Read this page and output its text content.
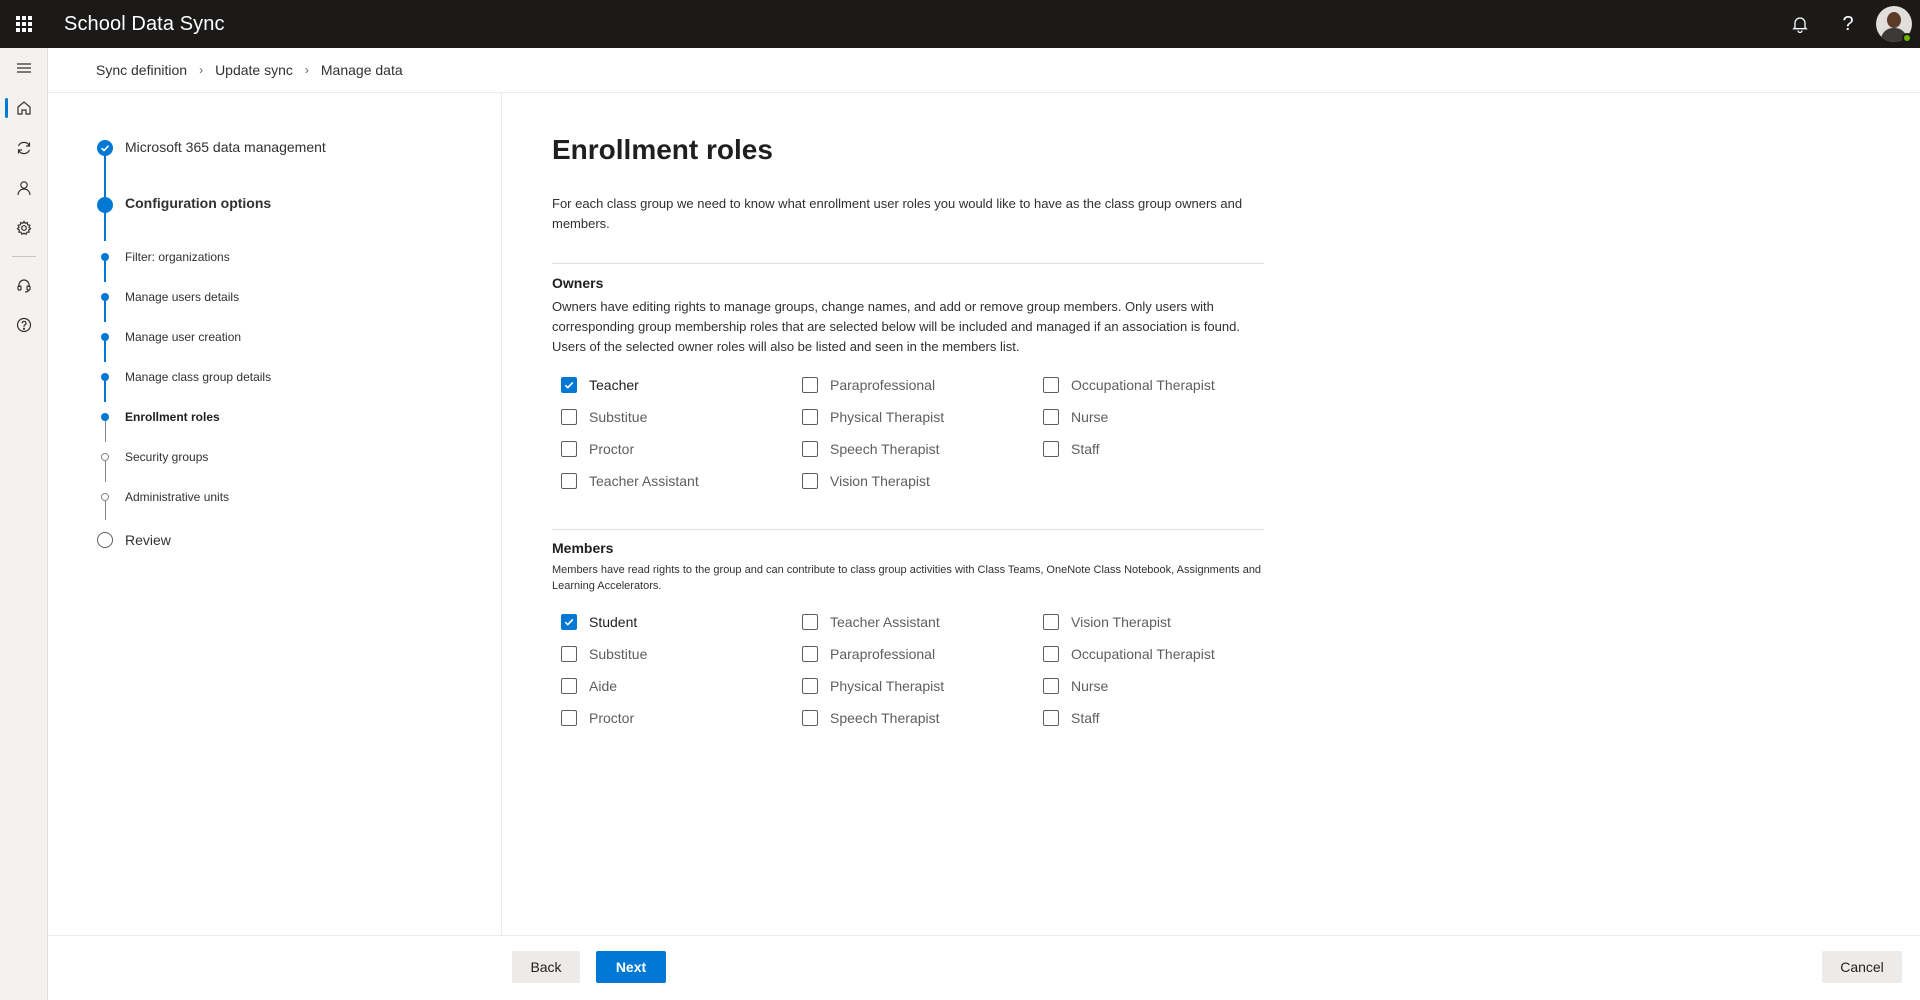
School Data Sync	?
Sync definition › Update sync › Manage data
Microsoft 365 data management
Configuration options
Filter: organizations
Manage users details
Manage user creation
Manage class group details
Enrollment roles
Security groups
Administrative units
Review
Enrollment roles
For each class group we need to know what enrollment user roles you would like to have as the class group owners and members.
Owners
Owners have editing rights to manage groups, change names, and add or remove group members. Only users with corresponding group membership roles that are selected below will be included and managed if an association is found. Users of the selected owner roles will also be listed and seen in the members list.
Teacher
Substitue
Proctor
Teacher Assistant
Paraprofessional
Physical Therapist
Speech Therapist
Vision Therapist
Occupational Therapist
Nurse
Staff
Members
Members have read rights to the group and can contribute to class group activities with Class Teams, OneNote Class Notebook, Assignments and Learning Accelerators.
Student
Substitue
Aide
Proctor
Teacher Assistant
Paraprofessional
Physical Therapist
Speech Therapist
Vision Therapist
Occupational Therapist
Nurse
Staff
Back	Next	Cancel
